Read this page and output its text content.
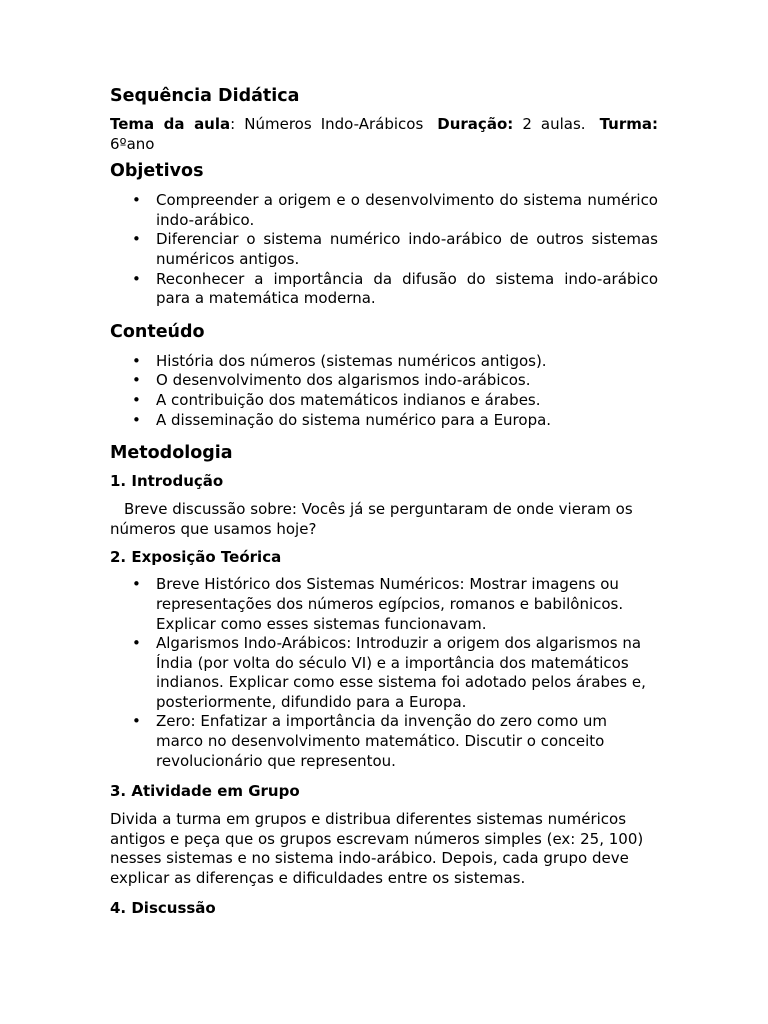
Sequência Didática

Tema da aula: Números Indo-Arábicos Duração: 2 aulas. Turma: 6ºano

Objetivos
• Compreender a origem e o desenvolvimento do sistema numérico indo-arábico.
• Diferenciar o sistema numérico indo-arábico de outros sistemas numéricos antigos.
• Reconhecer a importância da difusão do sistema indo-arábico para a matemática moderna.
Conteúdo
• História dos números (sistemas numéricos antigos).
• O desenvolvimento dos algarismos indo-arábicos.
• A contribuição dos matemáticos indianos e árabes.
• A disseminação do sistema numérico para a Europa.
Metodologia
1. Introdução

Breve discussão sobre: Vocês já se perguntaram de onde vieram os números que usamos hoje?

2. Exposição Teórica
• Breve Histórico dos Sistemas Numéricos: Mostrar imagens ou representações dos números egípcios, romanos e babilônicos. Explicar como esses sistemas funcionavam.
• Algarismos Indo-Arábicos: Introduzir a origem dos algarismos na Índia (por volta do século VI) e a importância dos matemáticos indianos. Explicar como esse sistema foi adotado pelos árabes e, posteriormente, difundido para a Europa.
• Zero: Enfatizar a importância da invenção do zero como um marco no desenvolvimento matemático. Discutir o conceito revolucionário que representou.
3. Atividade em Grupo

Divida a turma em grupos e distribua diferentes sistemas numéricos antigos e peça que os grupos escrevam números simples (ex: 25, 100) nesses sistemas e no sistema indo-arábico. Depois, cada grupo deve explicar as diferenças e dificuldades entre os sistemas.

4. Discussão
